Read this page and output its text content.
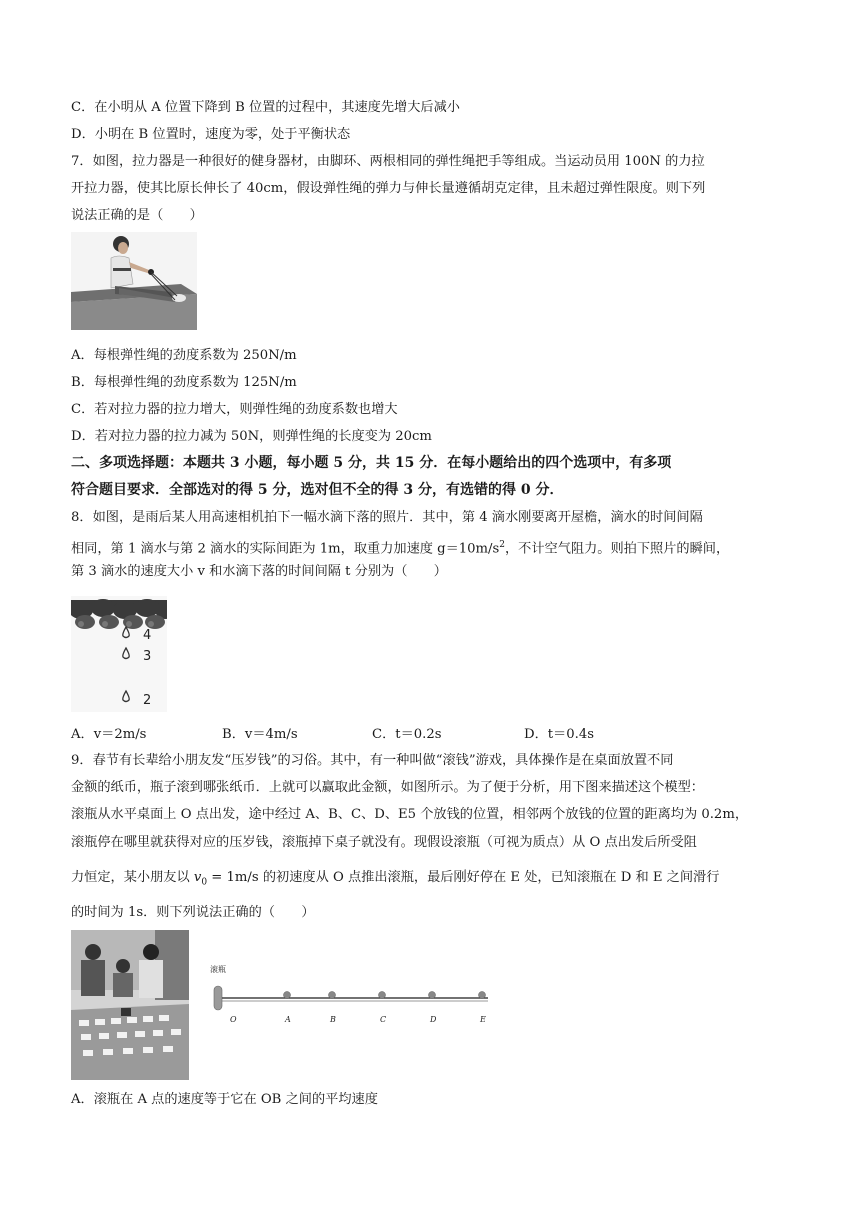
C．在小明从 A 位置下降到 B 位置的过程中，其速度先增大后减小
D．小明在 B 位置时，速度为零，处于平衡状态
7．如图，拉力器是一种很好的健身器材，由脚环、两根相同的弹性绳把手等组成。当运动员用 100N 的力拉
开拉力器，使其比原长伸长了 40cm，假设弹性绳的弹力与伸长量遵循胡克定律，且未超过弹性限度。则下列
说法正确的是（　　）
A．每根弹性绳的劲度系数为 250N/m
B．每根弹性绳的劲度系数为 125N/m
C．若对拉力器的拉力增大，则弹性绳的劲度系数也增大
D．若对拉力器的拉力减为 50N，则弹性绳的长度变为 20cm
二、多项选择题：本题共 3 小题，每小题 5 分，共 15 分．在每小题给出的四个选项中，有多项
符合题目要求．全部选对的得 5 分，选对但不全的得 3 分，有选错的得 0 分．
8．如图，是雨后某人用高速相机拍下一幅水滴下落的照片．其中，第 4 滴水刚要离开屋檐，滴水的时间间隔
相同，第 1 滴水与第 2 滴水的实际间距为 1m，取重力加速度 $g=10m/s^2$，不计空气阻力。则拍下照片的瞬间，
第 3 滴水的速度大小 v 和水滴下落的时间间隔 t 分别为（　　）
4
3
2
A．v＝2m/s	B．v＝4m/s	C．t＝0.2s	D．t＝0.4s
9．春节有长辈给小朋友发“压岁钱”的习俗。其中，有一种叫做“滚钱”游戏，具体操作是在桌面放置不同
金额的纸币，瓶子滚到哪张纸币．上就可以赢取此金额，如图所示。为了便于分析，用下图来描述这个模型：
滚瓶从水平桌面上 O 点出发，途中经过 A、B、C、D、E5 个放钱的位置，相邻两个放钱的位置的距离均为 0.2m，
滚瓶停在哪里就获得对应的压岁钱，滚瓶掉下桌子就没有。现假设滚瓶（可视为质点）从 O 点出发后所受阻
力恒定，某小朋友以 $v_0 = 1m/s$ 的初速度从 O 点推出滚瓶，最后刚好停在 E 处，已知滚瓶在 D 和 E 之间滑行
的时间为 1s．则下列说法正确的（　　）
滚瓶
O	A	B	C	D	E
A．滚瓶在 A 点的速度等于它在 OB 之间的平均速度
